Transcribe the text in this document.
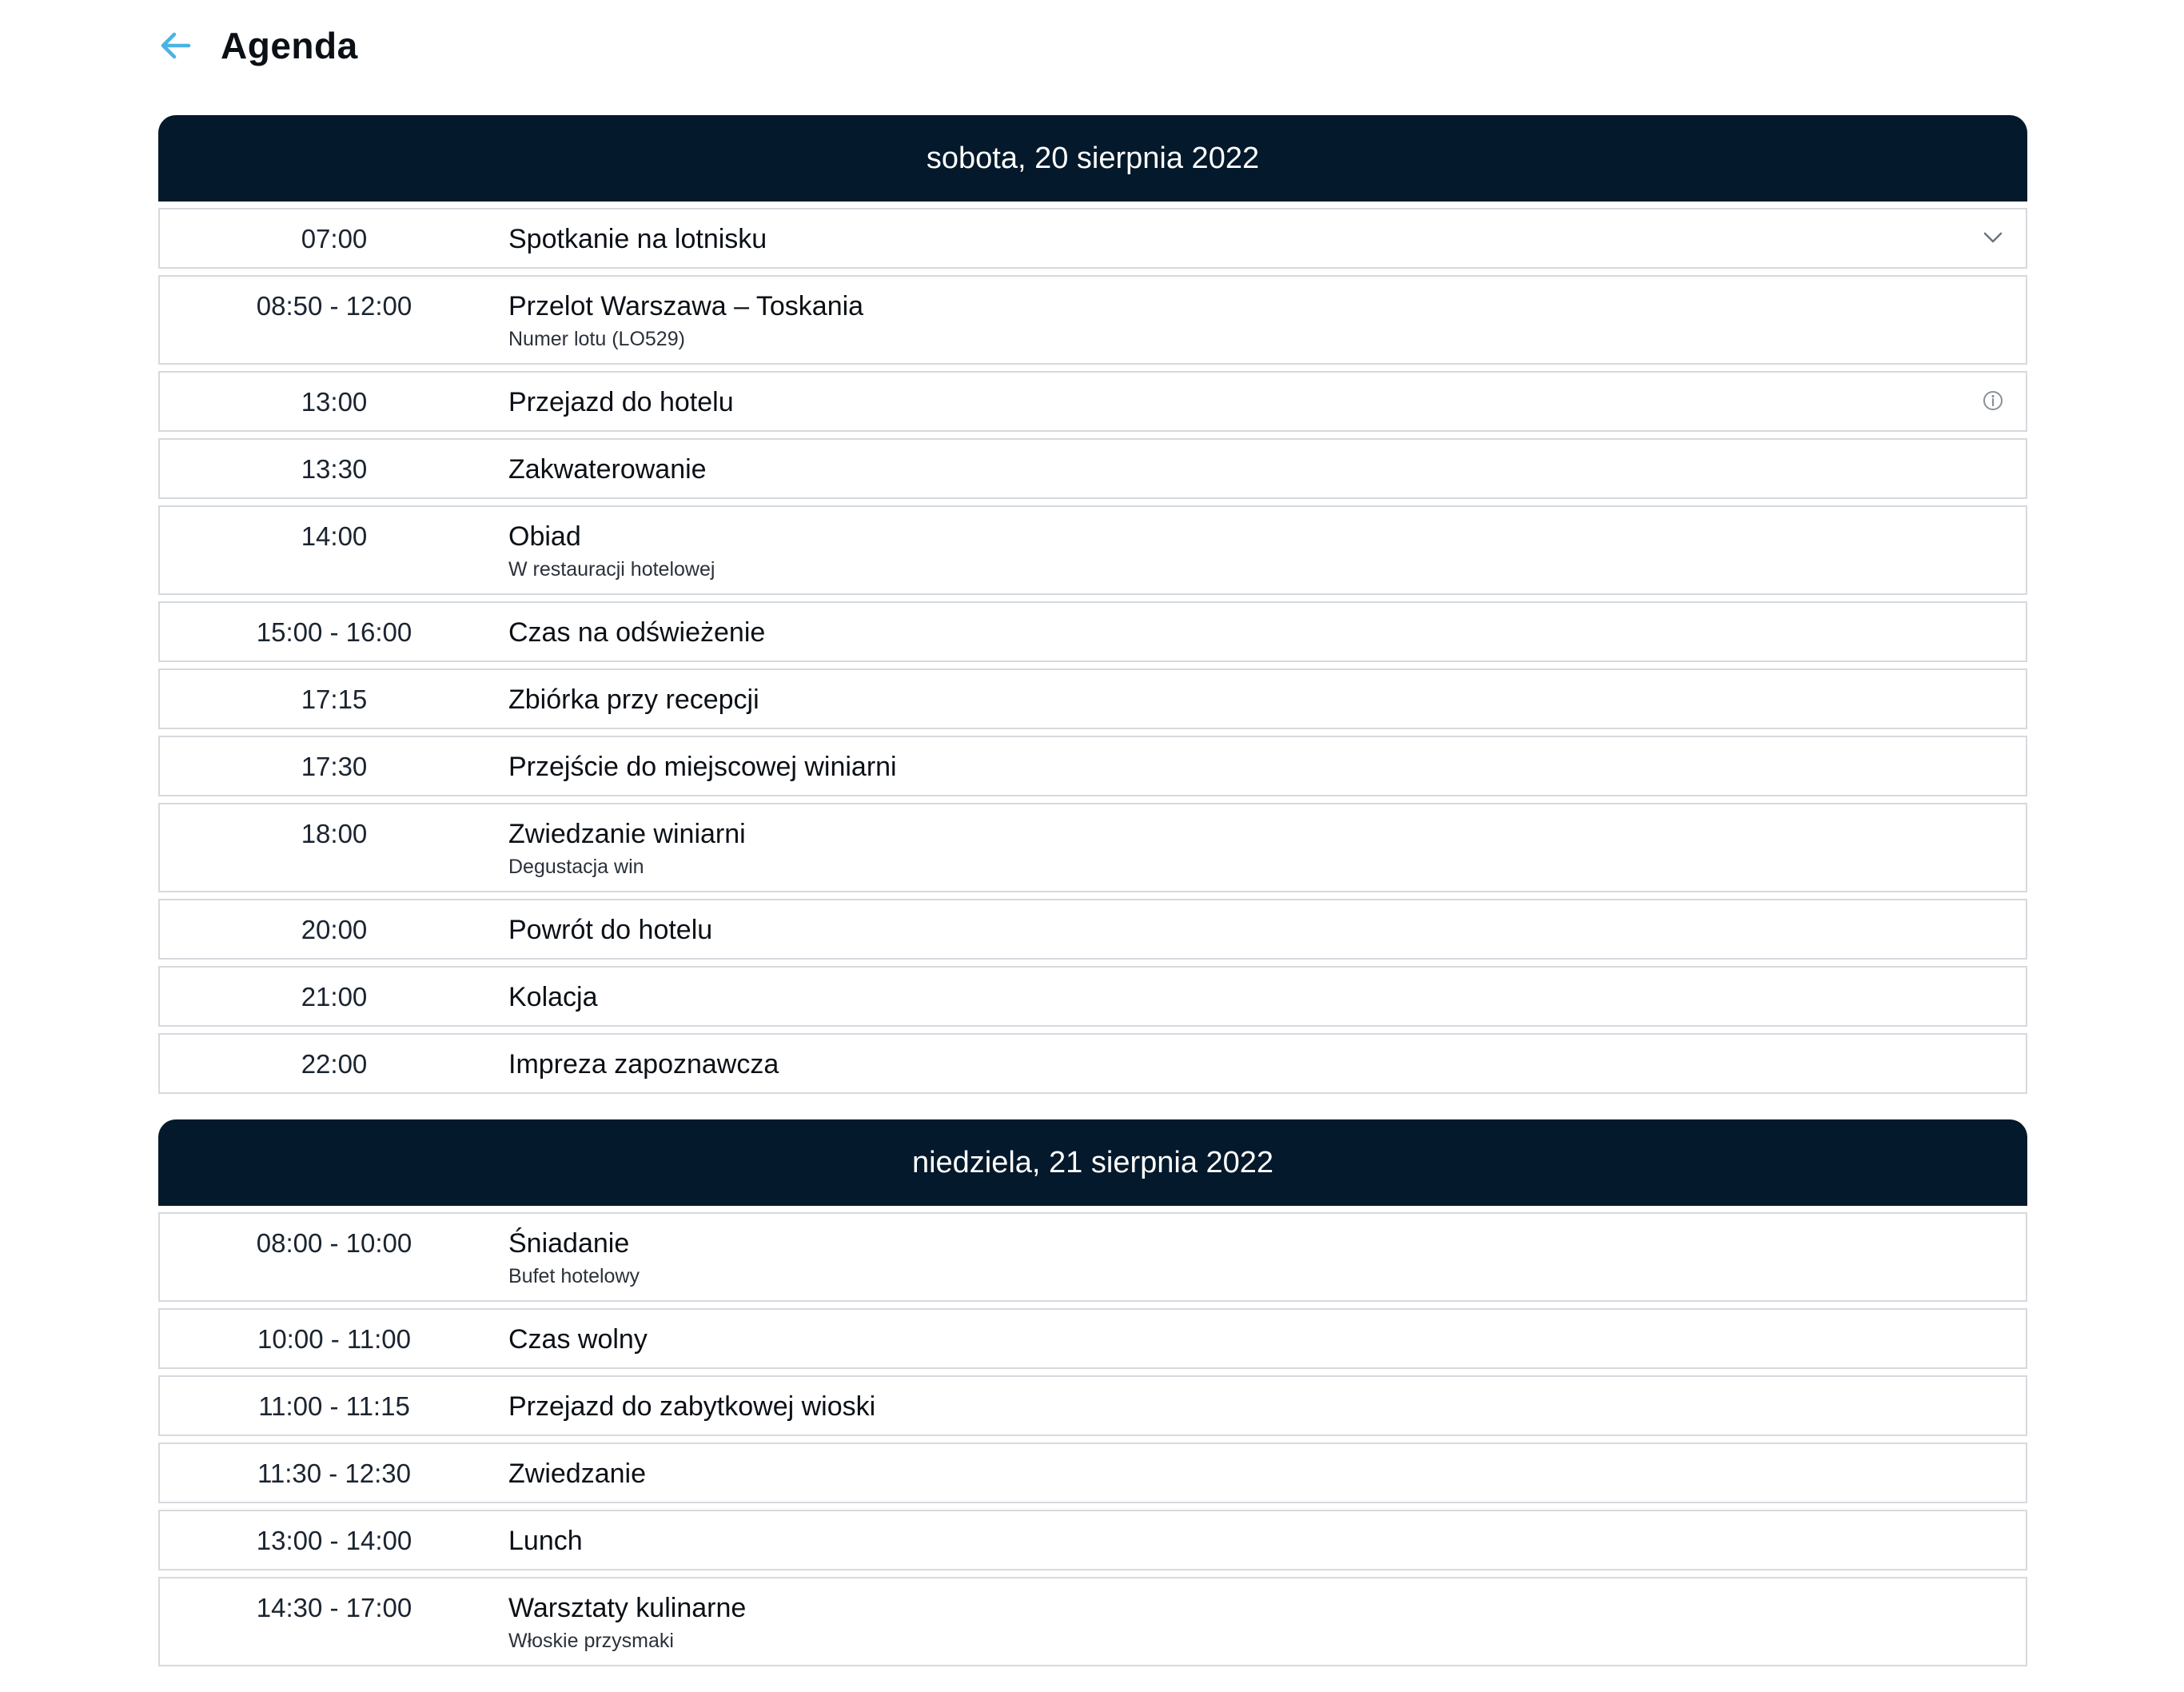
Agenda
sobota, 20 sierpnia 2022
07:00	Spotkanie na lotnisku
08:50 - 12:00	Przelot Warszawa – Toskania
Numer lotu (LO529)
13:00	Przejazd do hotelu
13:30	Zakwaterowanie
14:00	Obiad
W restauracji hotelowej
15:00 - 16:00	Czas na odświeżenie
17:15	Zbiórka przy recepcji
17:30	Przejście do miejscowej winiarni
18:00	Zwiedzanie winiarni
Degustacja win
20:00	Powrót do hotelu
21:00	Kolacja
22:00	Impreza zapoznawcza
niedziela, 21 sierpnia 2022
08:00 - 10:00	Śniadanie
Bufet hotelowy
10:00 - 11:00	Czas wolny
11:00 - 11:15	Przejazd do zabytkowej wioski
11:30 - 12:30	Zwiedzanie
13:00 - 14:00	Lunch
14:30 - 17:00	Warsztaty kulinarne
Włoskie przysmaki
